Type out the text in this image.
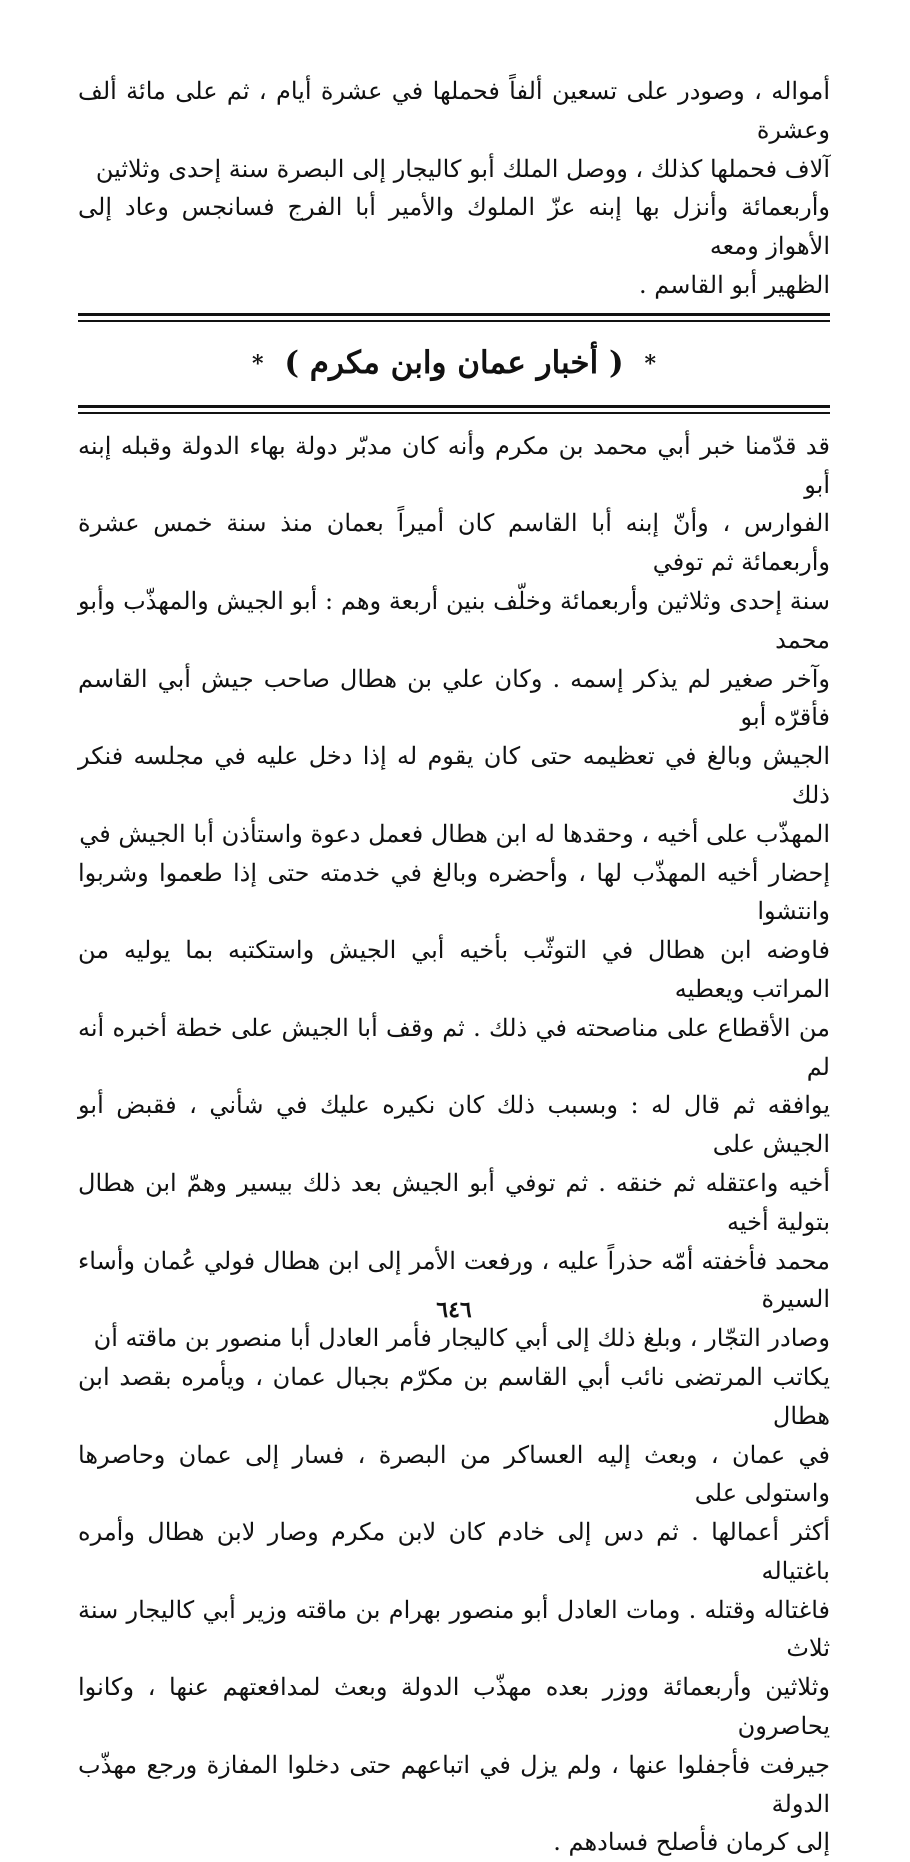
أمواله ، وصودر على تسعين ألفاً فحملها في عشرة أيام ، ثم على مائة ألف وعشرة

آلاف فحملها كذلك ، ووصل الملك أبو كاليجار إلى البصرة سنة إحدى وثلاثين

وأربعمائة وأنزل بها إبنه عزّ الملوك والأمير أبا الفرج فسانجس وعاد إلى الأهواز ومعه

الظهير أبو القاسم .

* ( أخبار عمان وابن مكرم ) *

قد قدّمنا خبر أبي محمد بن مكرم وأنه كان مدبّر دولة بهاء الدولة وقبله إبنه أبو

الفوارس ، وأنّ إبنه أبا القاسم كان أميراً بعمان منذ سنة خمس عشرة وأربعمائة ثم توفي

سنة إحدى وثلاثين وأربعمائة وخلّف بنين أربعة وهم : أبو الجيش والمهذّب وأبو محمد

وآخر صغير لم يذكر إسمه . وكان علي بن هطال صاحب جيش أبي القاسم فأقرّه أبو

الجيش وبالغ في تعظيمه حتى كان يقوم له إذا دخل عليه في مجلسه فنكر ذلك

المهذّب على أخيه ، وحقدها له ابن هطال فعمل دعوة واستأذن أبا الجيش في

إحضار أخيه المهذّب لها ، وأحضره وبالغ في خدمته حتى إذا طعموا وشربوا وانتشوا

فاوضه ابن هطال في التوثّب بأخيه أبي الجيش واستكتبه بما يوليه من المراتب ويعطيه

من الأقطاع على مناصحته في ذلك . ثم وقف أبا الجيش على خطة أخبره أنه لم

يوافقه ثم قال له : وبسبب ذلك كان نكيره عليك في شأني ، فقبض أبو الجيش على

أخيه واعتقله ثم خنقه . ثم توفي أبو الجيش بعد ذلك بيسير وهمّ ابن هطال بتولية أخيه

محمد فأخفته أمّه حذراً عليه ، ورفعت الأمر إلى ابن هطال فولي عُمان وأساء السيرة

وصادر التجّار ، وبلغ ذلك إلى أبي كاليجار فأمر العادل أبا منصور بن ماقته أن

يكاتب المرتضى نائب أبي القاسم بن مكرّم بجبال عمان ، ويأمره بقصد ابن هطال

في عمان ، وبعث إليه العساكر من البصرة ، فسار إلى عمان وحاصرها واستولى على

أكثر أعمالها . ثم دس إلى خادم كان لابن مكرم وصار لابن هطال وأمره باغتياله

فاغتاله وقتله . ومات العادل أبو منصور بهرام بن ماقته وزير أبي كاليجار سنة ثلاث

وثلاثين وأربعمائة ووزر بعده مهذّب الدولة وبعث لمدافعتهم عنها ، وكانوا يحاصرون

جيرفت فأجفلوا عنها ، ولم يزل في اتباعهم حتى دخلوا المفازة ورجع مهذّب الدولة

إلى كرمان فأصلح فسادهم .

٦٤٦
